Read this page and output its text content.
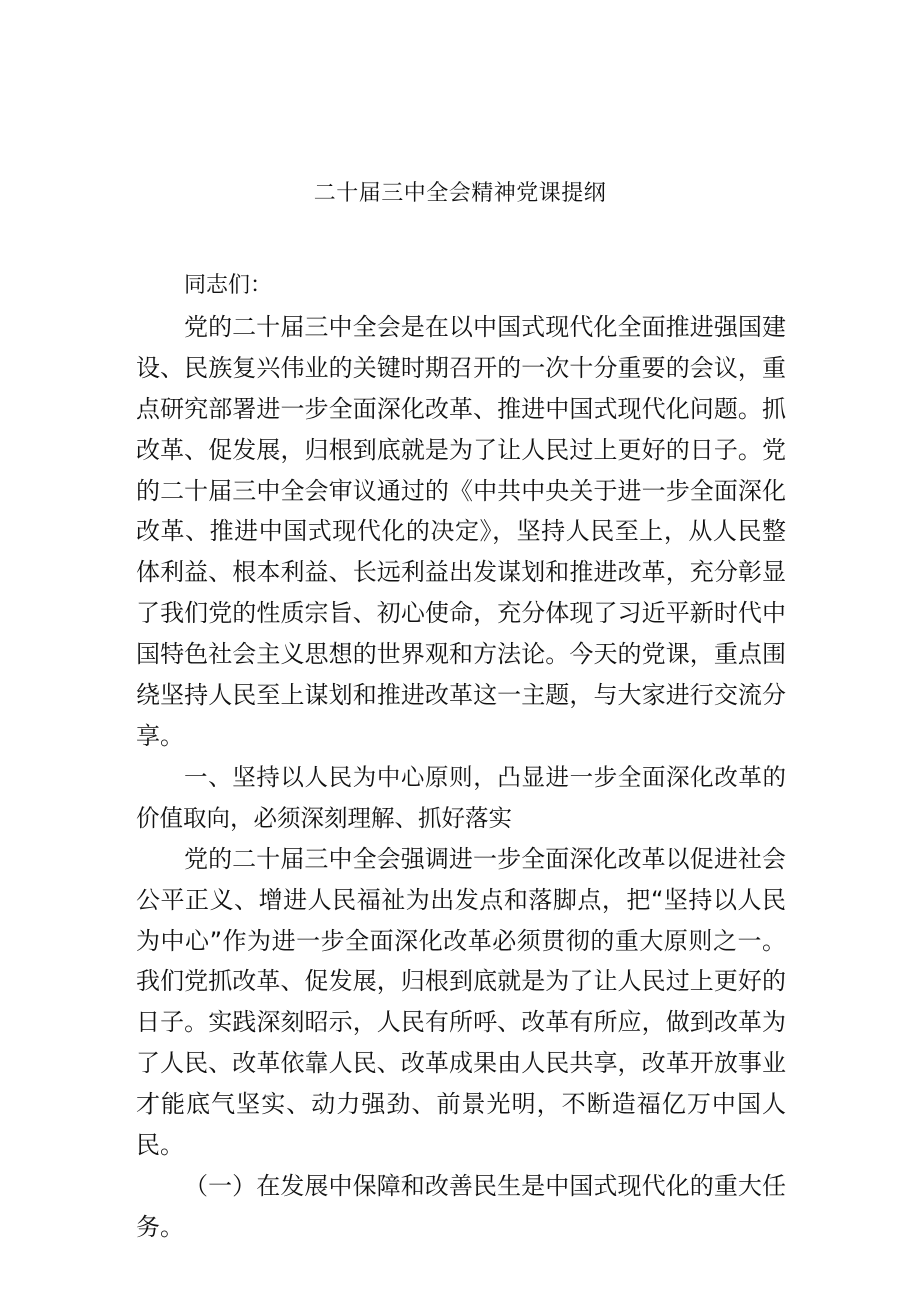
二十届三中全会精神党课提纲

同志们：

党的二十届三中全会是在以中国式现代化全面推进强国建设、民族复兴伟业的关键时期召开的一次十分重要的会议，重点研究部署进一步全面深化改革、推进中国式现代化问题。抓改革、促发展，归根到底就是为了让人民过上更好的日子。党的二十届三中全会审议通过的《中共中央关于进一步全面深化改革、推进中国式现代化的决定》，坚持人民至上，从人民整体利益、根本利益、长远利益出发谋划和推进改革，充分彰显了我们党的性质宗旨、初心使命，充分体现了习近平新时代中国特色社会主义思想的世界观和方法论。今天的党课，重点围绕坚持人民至上谋划和推进改革这一主题，与大家进行交流分享。

一、坚持以人民为中心原则，凸显进一步全面深化改革的价值取向，必须深刻理解、抓好落实

党的二十届三中全会强调进一步全面深化改革以促进社会公平正义、增进人民福祉为出发点和落脚点，把“坚持以人民为中心”作为进一步全面深化改革必须贯彻的重大原则之一。我们党抓改革、促发展，归根到底就是为了让人民过上更好的日子。实践深刻昭示，人民有所呼、改革有所应，做到改革为了人民、改革依靠人民、改革成果由人民共享，改革开放事业才能底气坚实、动力强劲、前景光明，不断造福亿万中国人民。

（一）在发展中保障和改善民生是中国式现代化的重大任务。
